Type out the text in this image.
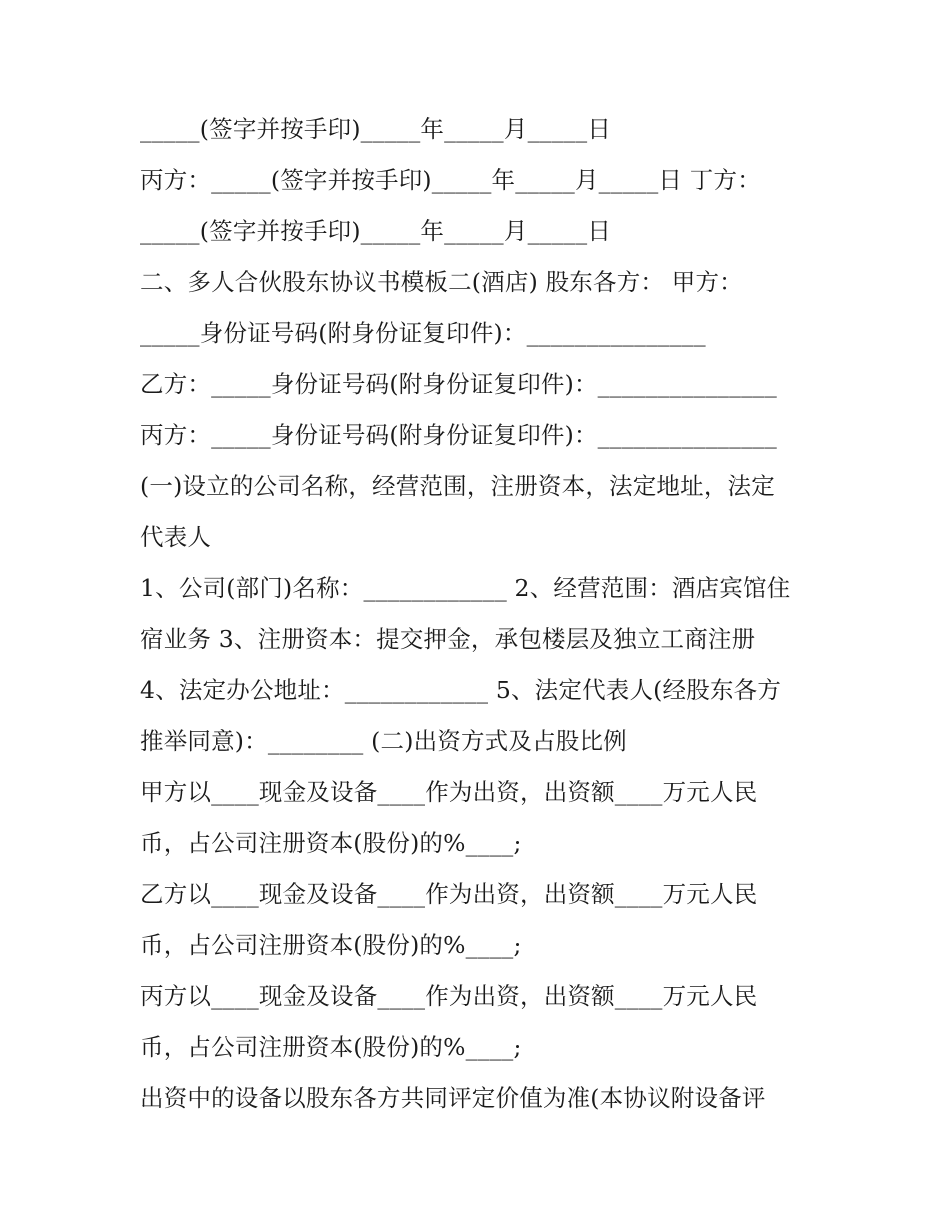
_____(签字并按手印)_____年_____月_____日
丙方：_____(签字并按手印)_____年_____月_____日 丁方：
_____(签字并按手印)_____年_____月_____日
二、多人合伙股东协议书模板二(酒店) 股东各方： 甲方：
_____身份证号码(附身份证复印件)：_______________
乙方：_____身份证号码(附身份证复印件)：_______________
丙方：_____身份证号码(附身份证复印件)：_______________
(一)设立的公司名称，经营范围，注册资本，法定地址，法定
代表人
1、公司(部门)名称：____________ 2、经营范围：酒店宾馆住
宿业务 3、注册资本：提交押金，承包楼层及独立工商注册
4、法定办公地址：____________ 5、法定代表人(经股东各方
推举同意)：________ (二)出资方式及占股比例
甲方以____现金及设备____作为出资，出资额____万元人民
币，占公司注册资本(股份)的%____;
乙方以____现金及设备____作为出资，出资额____万元人民
币，占公司注册资本(股份)的%____;
丙方以____现金及设备____作为出资，出资额____万元人民
币，占公司注册资本(股份)的%____;
出资中的设备以股东各方共同评定价值为准(本协议附设备评
